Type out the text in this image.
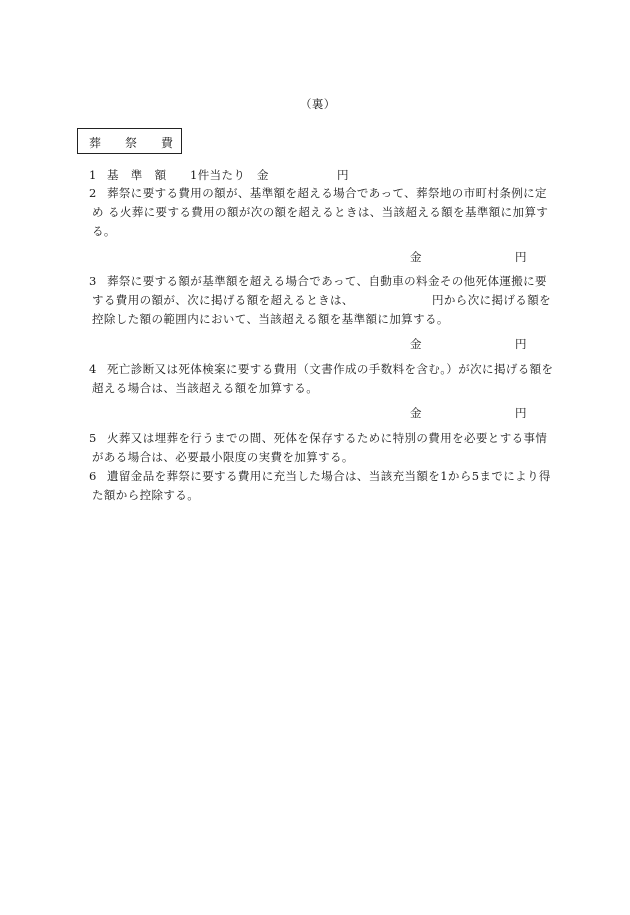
（裏）
葬 祭 費
1 基　準　額 1件当たり 金	円
2 葬祭に要する費用の額が、基準額を超える場合であって、葬祭地の市町村条例に定
め る火葬に要する費用の額が次の額を超えるときは、当該超える額を基準額に加算す
る。
金	円
3 葬祭に要する額が基準額を超える場合であって、自動車の料金その他死体運搬に要
する費用の額が、次に掲げる額を超えるときは、	円から次に掲げる額を
控除した額の範囲内において、当該超える額を基準額に加算する。
金	円
4 死亡診断又は死体検案に要する費用（文書作成の手数料を含む。）が次に掲げる額を
超える場合は、当該超える額を加算する。
金	円
5 火葬又は埋葬を行うまでの間、死体を保存するために特別の費用を必要とする事情
がある場合は、必要最小限度の実費を加算する。
6 遺留金品を葬祭に要する費用に充当した場合は、当該充当額を1から5までにより得
た額から控除する。
